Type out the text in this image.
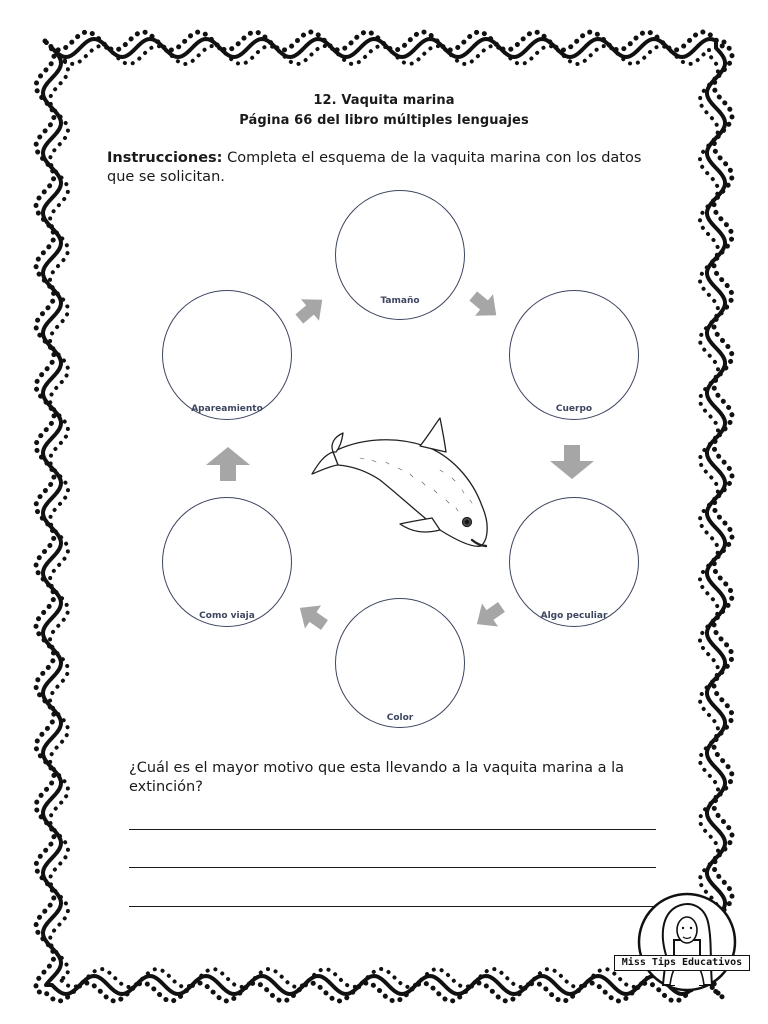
12. Vaquita marina
Página 66 del libro múltiples lenguajes
Instrucciones: Completa el esquema de la vaquita marina con los datos que se solicitan.
Tamaño
Cuerpo
Algo peculiar
Color
Como viaja
Apareamiento
¿Cuál es el mayor motivo que esta llevando a la vaquita marina a la extinción?
Miss Tips Educativos
